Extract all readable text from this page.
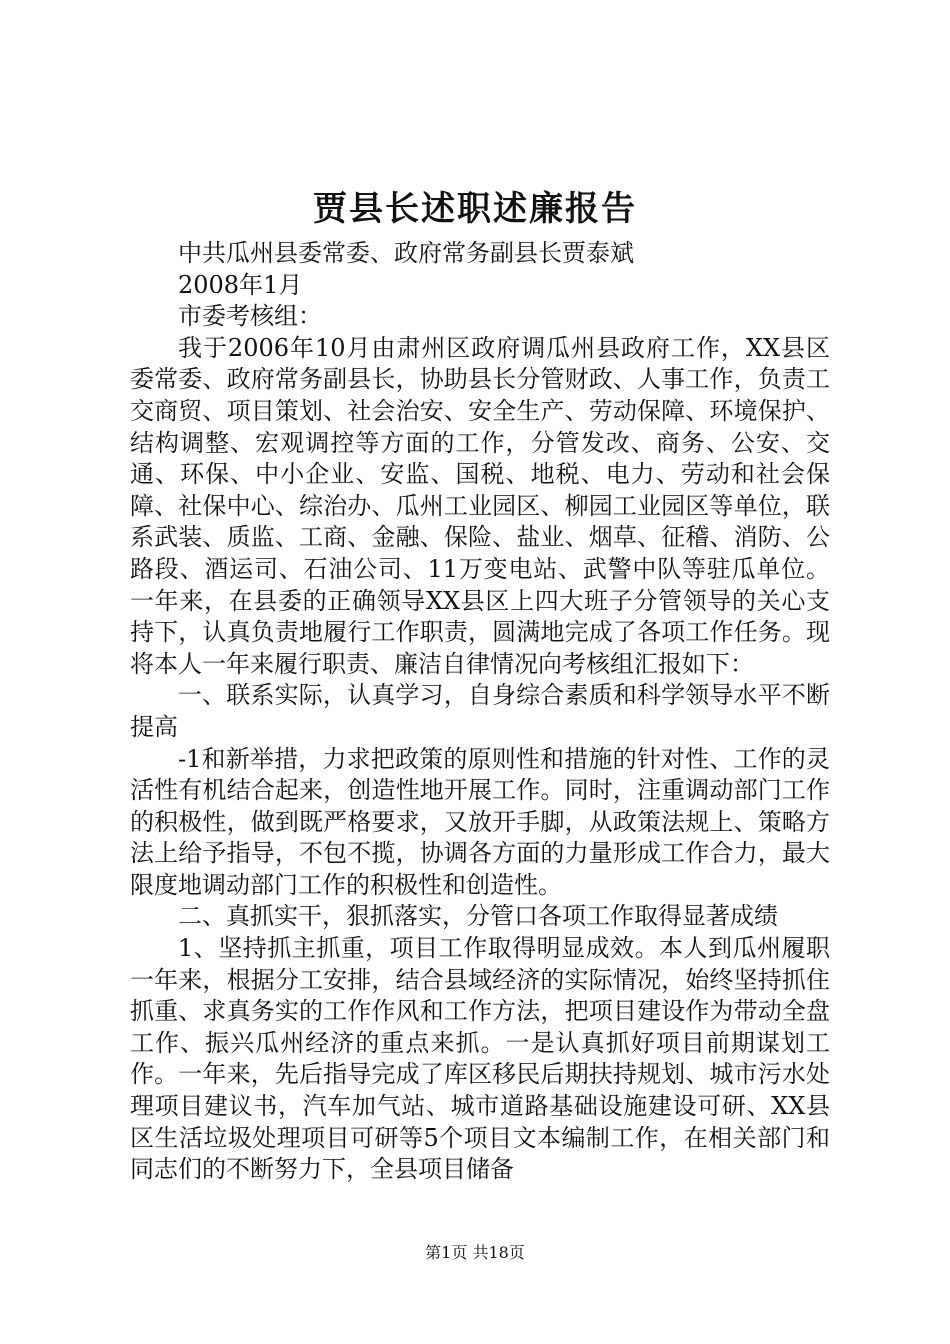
贾县长述职述廉报告

中共瓜州县委常委、政府常务副县长贾泰斌

2008年1月

市委考核组：

我于2006年10月由肃州区政府调瓜州县政府工作，XX县区委常委、政府常务副县长，协助县长分管财政、人事工作，负责工交商贸、项目策划、社会治安、安全生产、劳动保障、环境保护、结构调整、宏观调控等方面的工作，分管发改、商务、公安、交通、环保、中小企业、安监、国税、地税、电力、劳动和社会保障、社保中心、综治办、瓜州工业园区、柳园工业园区等单位，联系武装、质监、工商、金融、保险、盐业、烟草、征稽、消防、公路段、酒运司、石油公司、11万变电站、武警中队等驻瓜单位。一年来，在县委的正确领导XX县区上四大班子分管领导的关心支持下，认真负责地履行工作职责，圆满地完成了各项工作任务。现将本人一年来履行职责、廉洁自律情况向考核组汇报如下：

一、联系实际，认真学习，自身综合素质和科学领导水平不断提高

-1和新举措，力求把政策的原则性和措施的针对性、工作的灵活性有机结合起来，创造性地开展工作。同时，注重调动部门工作的积极性，做到既严格要求，又放开手脚，从政策法规上、策略方法上给予指导，不包不揽，协调各方面的力量形成工作合力，最大限度地调动部门工作的积极性和创造性。

二、真抓实干，狠抓落实，分管口各项工作取得显著成绩

1、坚持抓主抓重，项目工作取得明显成效。本人到瓜州履职一年来，根据分工安排，结合县域经济的实际情况，始终坚持抓住抓重、求真务实的工作作风和工作方法，把项目建设作为带动全盘工作、振兴瓜州经济的重点来抓。一是认真抓好项目前期谋划工作。一年来，先后指导完成了库区移民后期扶持规划、城市污水处理项目建议书，汽车加气站、城市道路基础设施建设可研、XX县区生活垃圾处理项目可研等5个项目文本编制工作，在相关部门和同志们的不断努力下，全县项目储备

第1页 共18页
